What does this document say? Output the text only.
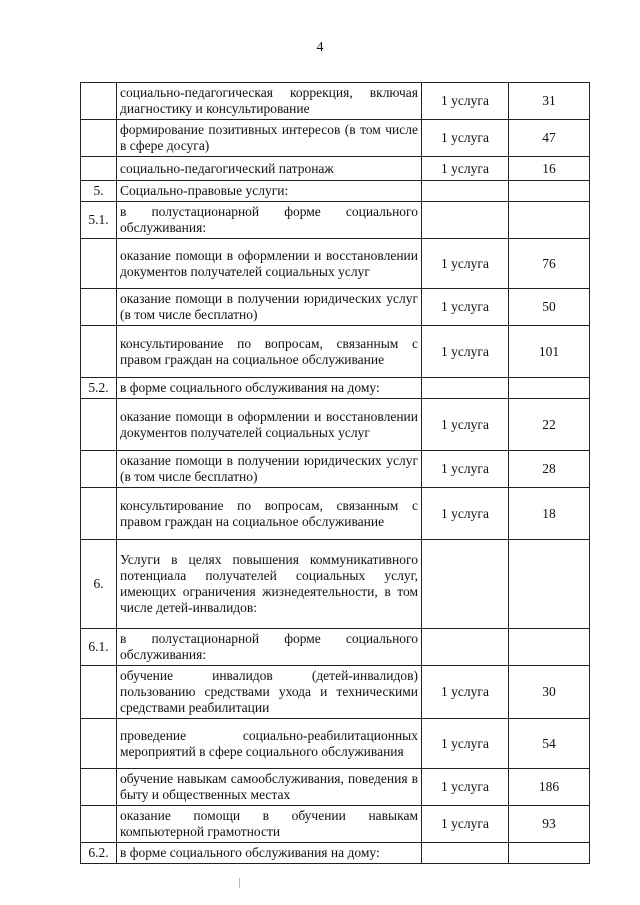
4
	социально-педагогическая коррекция, включая диагностику и консультирование	1 услуга	31
	формирование позитивных интересов (в том числе в сфере досуга)	1 услуга	47
	социально-педагогический патронаж	1 услуга	16
5.	Социально-правовые услуги:		
5.1.	в полустационарной форме социального обслуживания:		
	оказание помощи в оформлении и восстановлении документов получателей социальных услуг	1 услуга	76
	оказание помощи в получении юридических услуг (в том числе бесплатно)	1 услуга	50
	консультирование по вопросам, связанным с правом граждан на социальное обслуживание	1 услуга	101
5.2.	в форме социального обслуживания на дому:		
	оказание помощи в оформлении и восстановлении документов получателей социальных услуг	1 услуга	22
	оказание помощи в получении юридических услуг (в том числе бесплатно)	1 услуга	28
	консультирование по вопросам, связанным с правом граждан на социальное обслуживание	1 услуга	18
6.	Услуги в целях повышения коммуникативного потенциала получателей социальных услуг, имеющих ограничения жизнедеятельности, в том числе детей-инвалидов:		
6.1.	в полустационарной форме социального обслуживания:		
	обучение инвалидов (детей-инвалидов) пользованию средствами ухода и техническими средствами реабилитации	1 услуга	30
	проведение социально-реабилитационных мероприятий в сфере социального обслуживания	1 услуга	54
	обучение навыкам самообслуживания, поведения в быту и общественных местах	1 услуга	186
	оказание помощи в обучении навыкам компьютерной грамотности	1 услуга	93
6.2.	в форме социального обслуживания на дому:		
